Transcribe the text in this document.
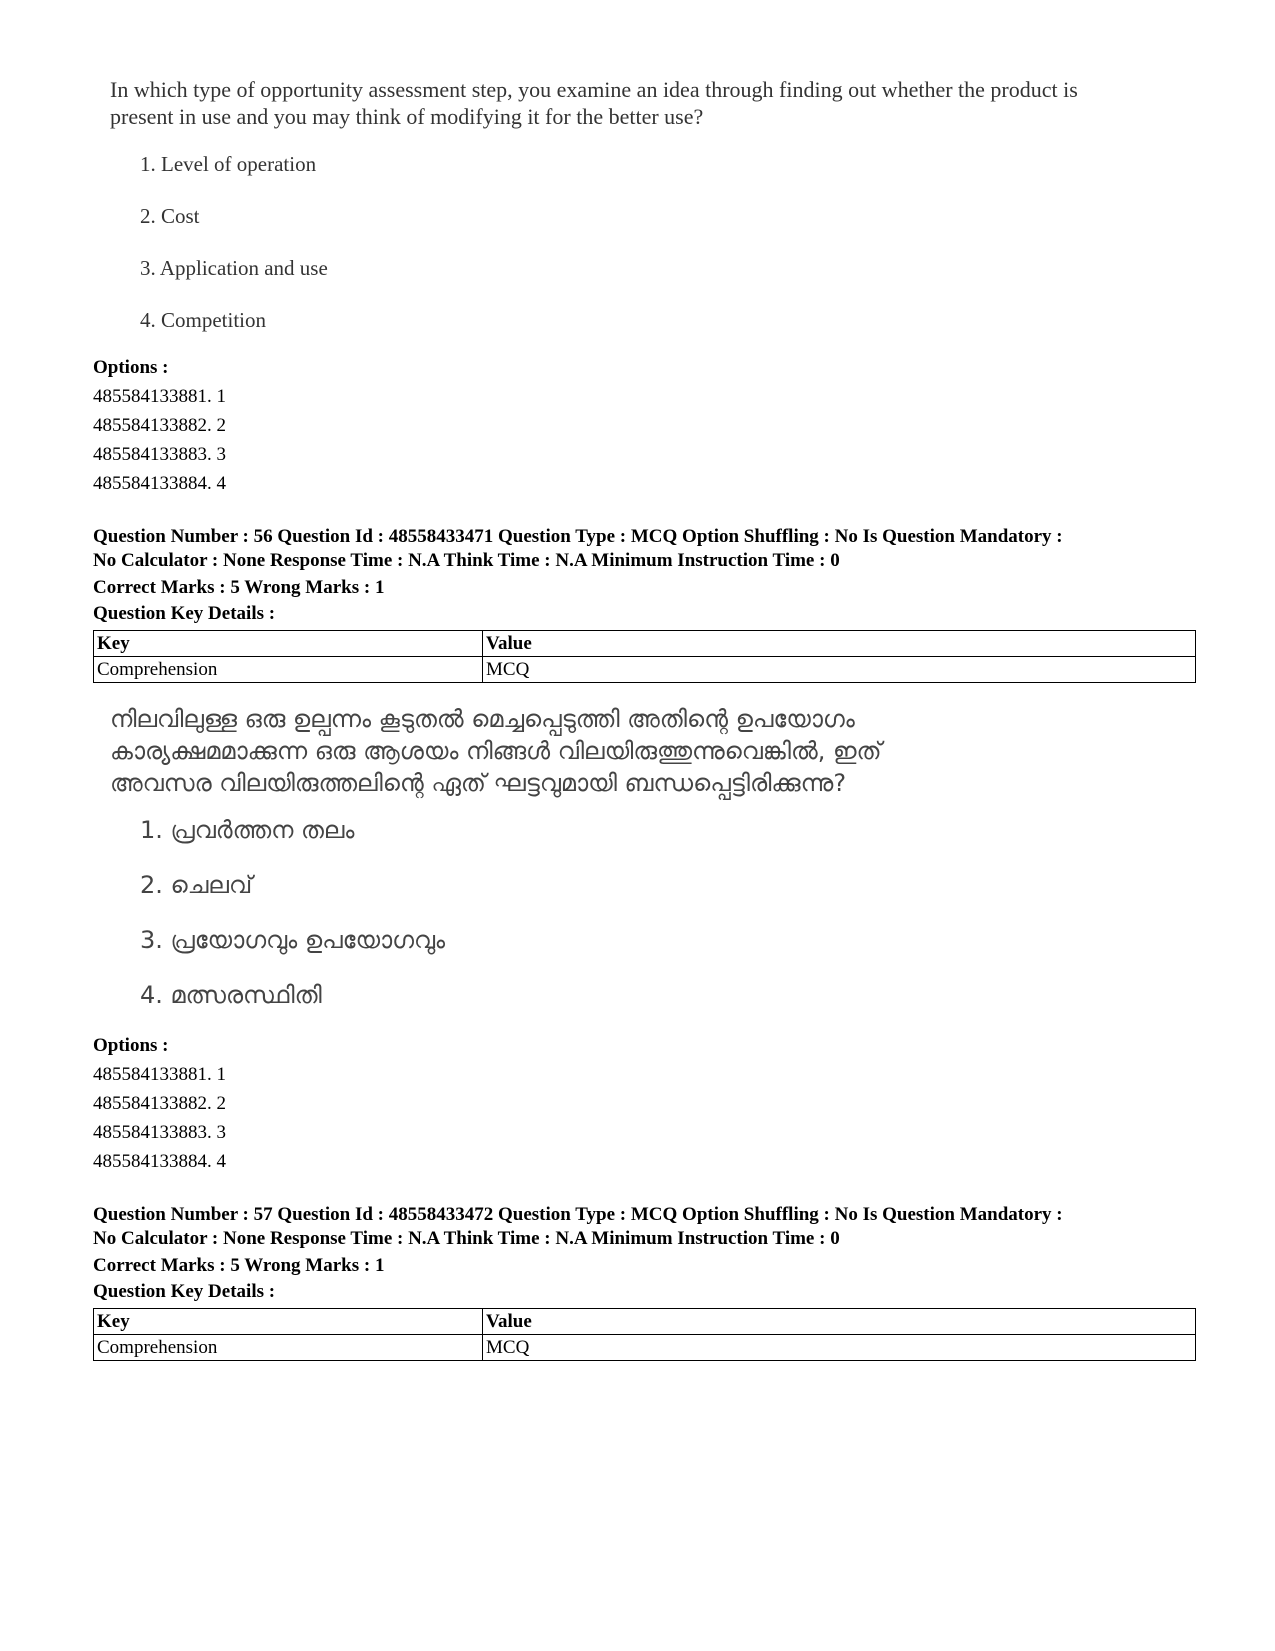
In which type of opportunity assessment step, you examine an idea through finding out whether the product is
present in use and you may think of modifying it for the better use?
1. Level of operation
2. Cost
3. Application and use
4. Competition
Options :
485584133881. 1
485584133882. 2
485584133883. 3
485584133884. 4
Question Number : 56 Question Id : 48558433471 Question Type : MCQ Option Shuffling : No Is Question Mandatory :
No Calculator : None Response Time : N.A Think Time : N.A Minimum Instruction Time : 0
Correct Marks : 5 Wrong Marks : 1
Question Key Details :
Key	Value
Comprehension	MCQ
നിലവിലുള്ള ഒരു ഉല്പന്നം കൂടുതൽ മെച്ചപ്പെടുത്തി അതിന്റെ ഉപയോഗം
കാര്യക്ഷമമാക്കുന്ന ഒരു ആശയം നിങ്ങൾ വിലയിരുത്തുന്നുവെങ്കിൽ, ഇത്
അവസര വിലയിരുത്തലിന്റെ ഏത് ഘട്ടവുമായി ബന്ധപ്പെട്ടിരിക്കുന്നു?
1. പ്രവർത്തന തലം
2. ചെലവ്
3. പ്രയോഗവും ഉപയോഗവും
4. മത്സരസ്ഥിതി
Options :
485584133881. 1
485584133882. 2
485584133883. 3
485584133884. 4
Question Number : 57 Question Id : 48558433472 Question Type : MCQ Option Shuffling : No Is Question Mandatory :
No Calculator : None Response Time : N.A Think Time : N.A Minimum Instruction Time : 0
Correct Marks : 5 Wrong Marks : 1
Question Key Details :
Key	Value
Comprehension	MCQ
